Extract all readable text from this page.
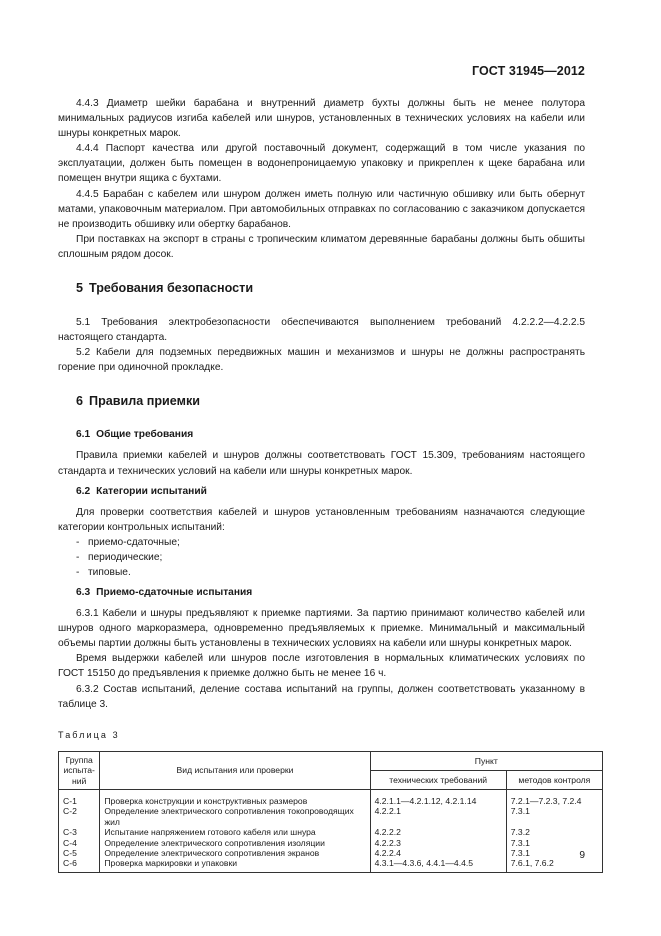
ГОСТ 31945—2012

4.4.3 Диаметр шейки барабана и внутренний диаметр бухты должны быть не менее полутора минимальных радиусов изгиба кабелей или шнуров, установленных в технических условиях на кабели или шнуры конкретных марок.

4.4.4 Паспорт качества или другой поставочный документ, содержащий в том числе указания по эксплуатации, должен быть помещен в водонепроницаемую упаковку и прикреплен к щеке барабана или помещен внутри ящика с бухтами.

4.4.5 Барабан с кабелем или шнуром должен иметь полную или частичную обшивку или быть обернут матами, упаковочным материалом. При автомобильных отправках по согласованию с заказчиком допускается не производить обшивку или обертку барабанов.

При поставках на экспорт в страны с тропическим климатом деревянные барабаны должны быть обшиты сплошным рядом досок.

5 Требования безопасности

5.1 Требования электробезопасности обеспечиваются выполнением требований 4.2.2.2—4.2.2.5 настоящего стандарта.

5.2 Кабели для подземных передвижных машин и механизмов и шнуры не должны распространять горение при одиночной прокладке.

6 Правила приемки
6.1 Общие требования

Правила приемки кабелей и шнуров должны соответствовать ГОСТ 15.309, требованиям настоящего стандарта и технических условий на кабели или шнуры конкретных марок.

6.2 Категории испытаний

Для проверки соответствия кабелей и шнуров установленным требованиям назначаются следующие категории контрольных испытаний:

- приемо-сдаточные;
- периодические;
- типовые.
6.3 Приемо-сдаточные испытания

6.3.1 Кабели и шнуры предъявляют к приемке партиями. За партию принимают количество кабелей или шнуров одного маркоразмера, одновременно предъявляемых к приемке. Минимальный и максимальный объемы партии должны быть установлены в технических условиях на кабели или шнуры конкретных марок.

Время выдержки кабелей или шнуров после изготовления в нормальных климатических условиях по ГОСТ 15150 до предъявления к приемке должно быть не менее 16 ч.

6.3.2 Состав испытаний, деление состава испытаний на группы, должен соответствовать указанному в таблице 3.

Таблица 3
Группа испыта-ний	Вид испытания или проверки	Пункт	
		технических требований	методов контроля
С-1	Проверка конструкции и конструктивных размеров	4.2.1.1—4.2.1.12, 4.2.1.14	7.2.1—7.2.3, 7.2.4
С-2	Определение электрического сопротивления токопроводящих жил	4.2.2.1	7.3.1
С-3	Испытание напряжением готового кабеля или шнура	4.2.2.2	7.3.2
С-4	Определение электрического сопротивления изоляции	4.2.2.3	7.3.1
С-5	Определение электрического сопротивления экранов	4.2.2.4	7.3.1
С-6	Проверка маркировки и упаковки	4.3.1—4.3.6, 4.4.1—4.4.5	7.6.1, 7.6.2
9
